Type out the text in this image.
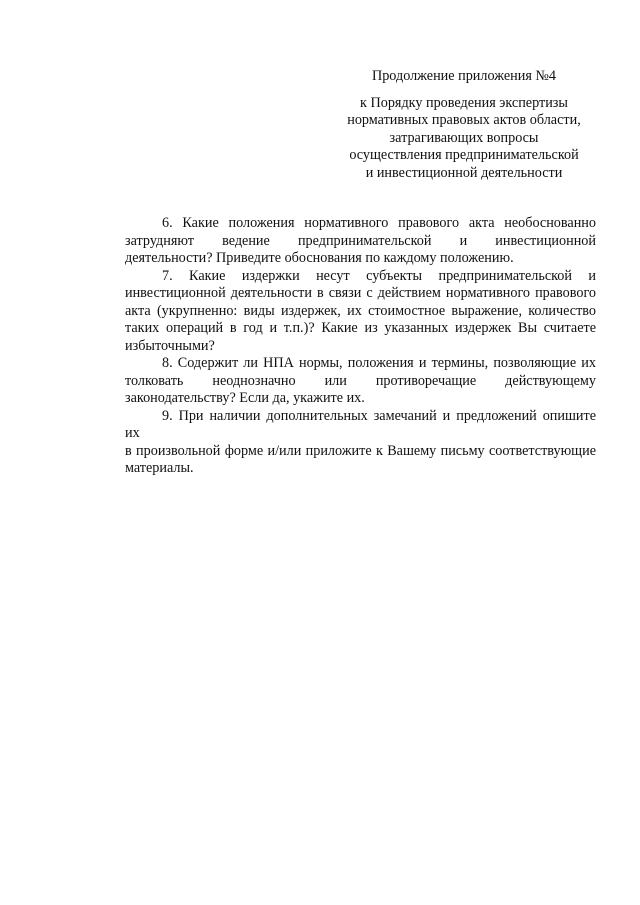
Продолжение приложения №4
к Порядку проведения экспертизы
нормативных правовых актов области,
затрагивающих вопросы
осуществления предпринимательской
и инвестиционной деятельности
6. Какие положения нормативного правового акта необоснованно
затрудняют ведение предпринимательской и инвестиционной
деятельности? Приведите обоснования по каждому положению.
7. Какие издержки несут субъекты предпринимательской и
инвестиционной деятельности в связи с действием нормативного правового
акта (укрупненно: виды издержек, их стоимостное выражение, количество
таких операций в год и т.п.)? Какие из указанных издержек Вы считаете
избыточными?
8. Содержит ли НПА нормы, положения и термины, позволяющие их
толковать неоднозначно или противоречащие действующему
законодательству? Если да, укажите их.
9. При наличии дополнительных замечаний и предложений опишите их
в произвольной форме и/или приложите к Вашему письму соответствующие
материалы.
